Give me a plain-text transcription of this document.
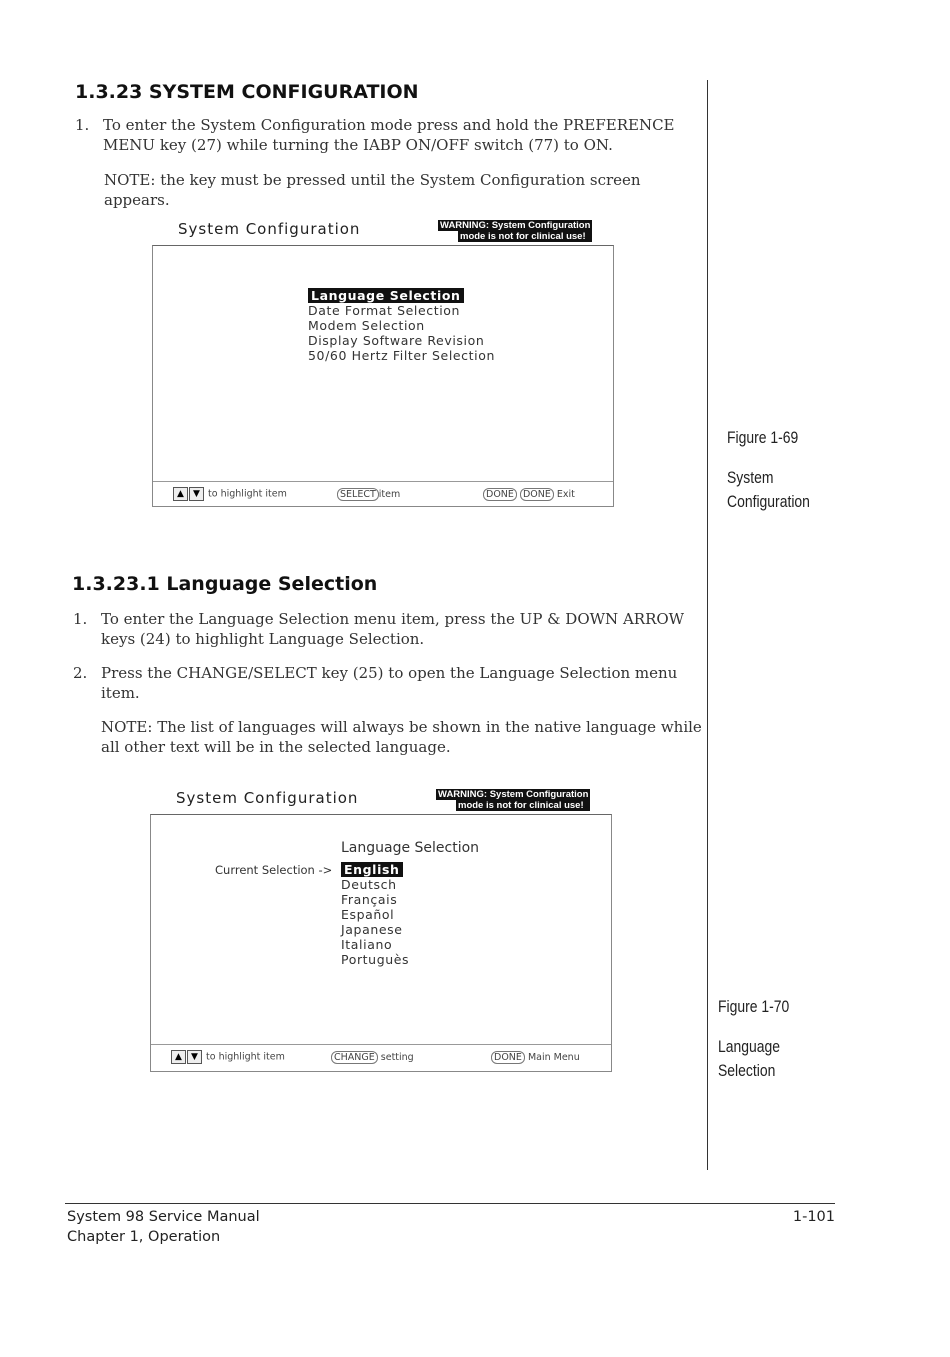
1.3.23 SYSTEM CONFIGURATION
1. To enter the System Configuration mode press and hold the PREFERENCE MENU key (27) while turning the IABP ON/OFF switch (77) to ON.
NOTE: the key must be pressed until the System Configuration screen appears.
System Configuration	WARNING: System Configuration
mode is not for clinical use!
Language Selection
Date Format Selection
Modem Selection
Display Software Revision
50/60 Hertz Filter Selection
▲ ▼ to highlight item	SELECT item	DONE DONE Exit
Figure 1-69
System
Configuration
1.3.23.1 Language Selection
1. To enter the Language Selection menu item, press the UP & DOWN ARROW keys (24) to highlight Language Selection.
2. Press the CHANGE/SELECT key (25) to open the Language Selection menu item.
NOTE: The list of languages will always be shown in the native language while all other text will be in the selected language.
System Configuration	WARNING: System Configuration
mode is not for clinical use!
Language Selection
Current Selection -> English
Deutsch
Français
Español
Japanese
Italiano
Portuguès
▲ ▼ to highlight item	CHANGE setting	DONE Main Menu
Figure 1-70
Language
Selection
System 98 Service Manual
Chapter 1, Operation
1-101
